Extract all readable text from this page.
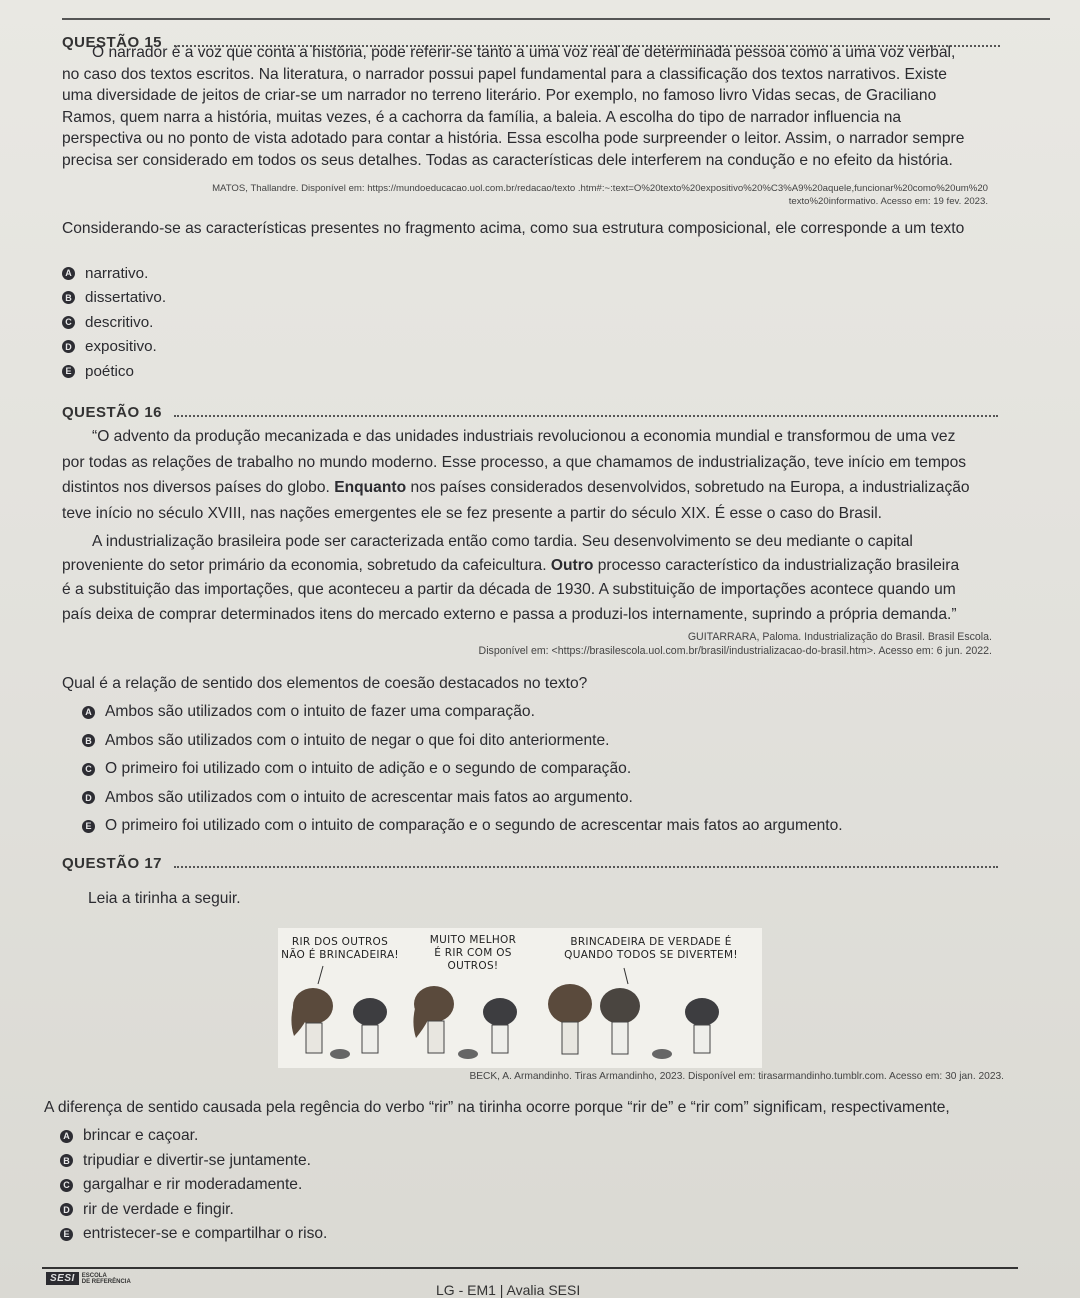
QUESTÃO 15
O narrador é a voz que conta a história, pode referir-se tanto a uma voz real de determinada pessoa como a uma voz verbal,
no caso dos textos escritos. Na literatura, o narrador possui papel fundamental para a classificação dos textos narrativos. Existe
uma diversidade de jeitos de criar-se um narrador no terreno literário. Por exemplo, no famoso livro Vidas secas, de Graciliano
Ramos, quem narra a história, muitas vezes, é a cachorra da família, a baleia. A escolha do tipo de narrador influencia na
perspectiva ou no ponto de vista adotado para contar a história. Essa escolha pode surpreender o leitor. Assim, o narrador sempre
precisa ser considerado em todos os seus detalhes. Todas as características dele interferem na condução e no efeito da história.
MATOS, Thallandre. Disponível em: https://mundoeducacao.uol.com.br/redacao/texto .htm#:~:text=O%20texto%20expositivo%20%C3%A9%20aquele,funcionar%20como%20um%20
texto%20informativo. Acesso em: 19 fev. 2023.
Considerando-se as características presentes no fragmento acima, como sua estrutura composicional, ele corresponde a um texto
A narrativo.
B dissertativo.
C descritivo.
D expositivo.
E poético
QUESTÃO 16
“O advento da produção mecanizada e das unidades industriais revolucionou a economia mundial e transformou de uma vez
por todas as relações de trabalho no mundo moderno. Esse processo, a que chamamos de industrialização, teve início em tempos
distintos nos diversos países do globo. Enquanto nos países considerados desenvolvidos, sobretudo na Europa, a industrialização
teve início no século XVIII, nas nações emergentes ele se fez presente a partir do século XIX. É esse o caso do Brasil.
A industrialização brasileira pode ser caracterizada então como tardia. Seu desenvolvimento se deu mediante o capital
proveniente do setor primário da economia, sobretudo da cafeicultura. Outro processo característico da industrialização brasileira
é a substituição das importações, que aconteceu a partir da década de 1930. A substituição de importações acontece quando um
país deixa de comprar determinados itens do mercado externo e passa a produzi-los internamente, suprindo a própria demanda.”
GUITARRARA, Paloma. Industrialização do Brasil. Brasil Escola.
Disponível em: <https://brasilescola.uol.com.br/brasil/industrializacao-do-brasil.htm>. Acesso em: 6 jun. 2022.
Qual é a relação de sentido dos elementos de coesão destacados no texto?
A Ambos são utilizados com o intuito de fazer uma comparação.
B Ambos são utilizados com o intuito de negar o que foi dito anteriormente.
C O primeiro foi utilizado com o intuito de adição e o segundo de comparação.
D Ambos são utilizados com o intuito de acrescentar mais fatos ao argumento.
E O primeiro foi utilizado com o intuito de comparação e o segundo de acrescentar mais fatos ao argumento.
QUESTÃO 17
Leia a tirinha a seguir.
RIR DOS OUTROS
NÃO É BRINCADEIRA!
MUITO MELHOR
É RIR COM OS
OUTROS!
BRINCADEIRA DE VERDADE É
QUANDO TODOS SE DIVERTEM!
BECK, A. Armandinho. Tiras Armandinho, 2023. Disponível em: tirasarmandinho.tumblr.com. Acesso em: 30 jan. 2023.
A diferença de sentido causada pela regência do verbo “rir” na tirinha ocorre porque “rir de” e “rir com” significam, respectivamente,
A brincar e caçoar.
B tripudiar e divertir-se juntamente.
C gargalhar e rir moderadamente.
D rir de verdade e fingir.
E entristecer-se e compartilhar o riso.
SESI	ESCOLA
DE REFERÊNCIA
LG - EM1 | Avalia SESI
